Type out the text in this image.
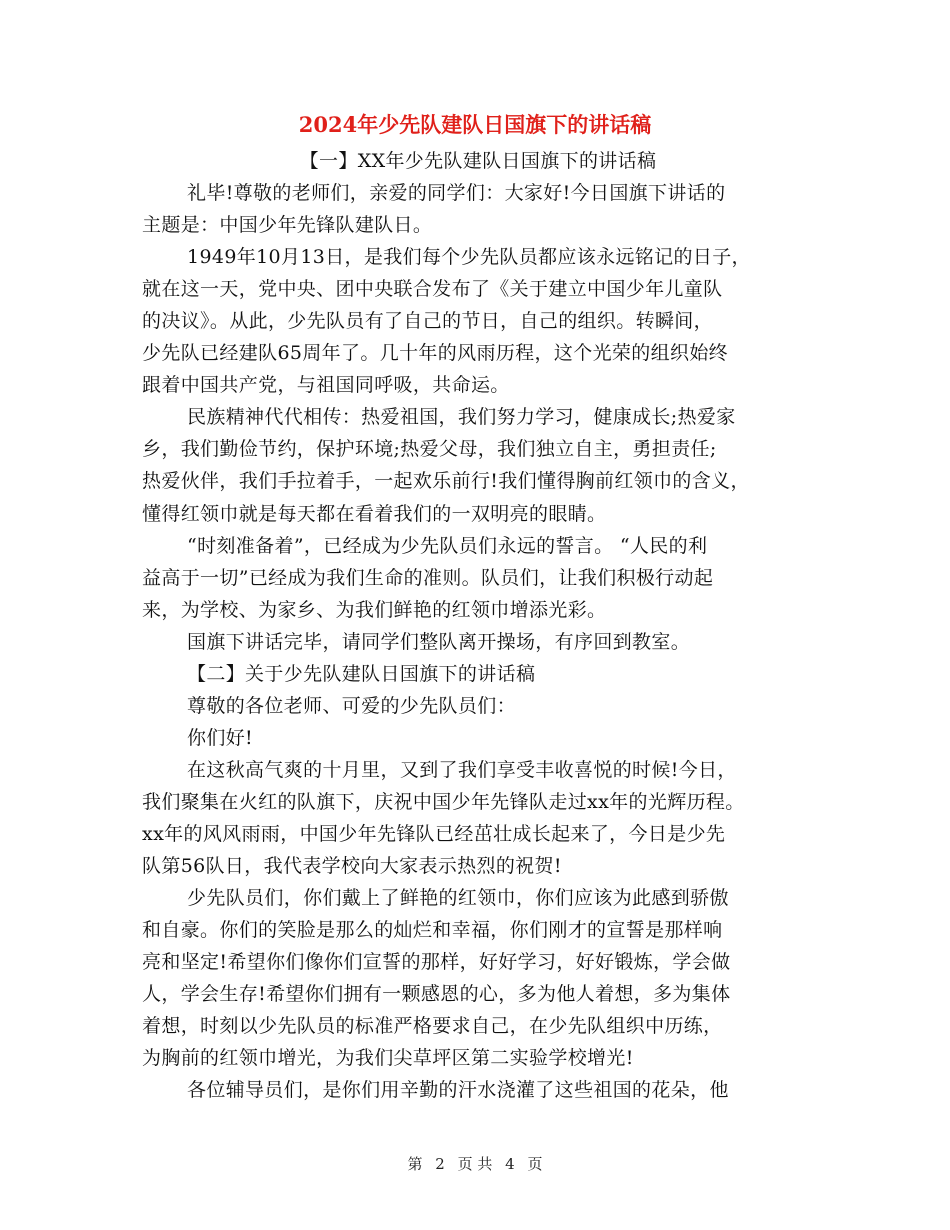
2024年少先队建队日国旗下的讲话稿
【一】XX年少先队建队日国旗下的讲话稿
礼毕!尊敬的老师们，亲爱的同学们：大家好!今日国旗下讲话的
主题是：中国少年先锋队建队日。
1949年10月13日，是我们每个少先队员都应该永远铭记的日子，
就在这一天，党中央、团中央联合发布了《关于建立中国少年儿童队
的决议》。从此，少先队员有了自己的节日，自己的组织。转瞬间，
少先队已经建队65周年了。几十年的风雨历程，这个光荣的组织始终
跟着中国共产党，与祖国同呼吸，共命运。
民族精神代代相传：热爱祖国，我们努力学习，健康成长;热爱家
乡，我们勤俭节约，保护环境;热爱父母，我们独立自主，勇担责任;
热爱伙伴，我们手拉着手，一起欢乐前行!我们懂得胸前红领巾的含义，
懂得红领巾就是每天都在看着我们的一双明亮的眼睛。
“时刻准备着”，已经成为少先队员们永远的誓言。 “人民的利
益高于一切”已经成为我们生命的准则。队员们，让我们积极行动起
来，为学校、为家乡、为我们鲜艳的红领巾增添光彩。
国旗下讲话完毕，请同学们整队离开操场，有序回到教室。
【二】关于少先队建队日国旗下的讲话稿
尊敬的各位老师、可爱的少先队员们：
你们好!
在这秋高气爽的十月里，又到了我们享受丰收喜悦的时候!今日，
我们聚集在火红的队旗下，庆祝中国少年先锋队走过xx年的光辉历程。
xx年的风风雨雨，中国少年先锋队已经茁壮成长起来了，今日是少先
队第56队日，我代表学校向大家表示热烈的祝贺!
少先队员们，你们戴上了鲜艳的红领巾，你们应该为此感到骄傲
和自豪。你们的笑脸是那么的灿烂和幸福，你们刚才的宣誓是那样响
亮和坚定!希望你们像你们宣誓的那样，好好学习，好好锻炼，学会做
人，学会生存!希望你们拥有一颗感恩的心，多为他人着想，多为集体
着想，时刻以少先队员的标准严格要求自己，在少先队组织中历练，
为胸前的红领巾增光，为我们尖草坪区第二实验学校增光!
各位辅导员们，是你们用辛勤的汗水浇灌了这些祖国的花朵，他
第 2 页 共 4 页
